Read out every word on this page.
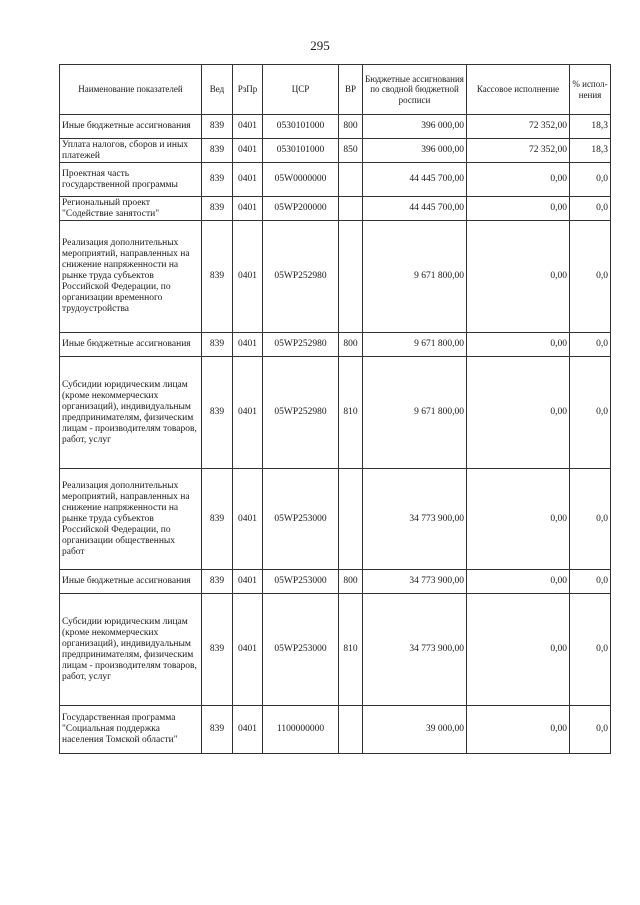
295
Наименование показателей	Вед	РзПр	ЦСР	ВР	Бюджетные ассигнования по сводной бюджетной росписи	Кассовое исполнение	% испол-нения
Иные бюджетные ассигнования	839	0401	0530101000	800	396 000,00	72 352,00	18,3
Уплата налогов, сборов и иных платежей	839	0401	0530101000	850	396 000,00	72 352,00	18,3
Проектная часть государственной программы	839	0401	05W0000000		44 445 700,00	0,00	0,0
Региональный проект "Содействие занятости"	839	0401	05WP200000		44 445 700,00	0,00	0,0
Реализация дополнительных мероприятий, направленных на снижение напряженности на рынке труда субъектов Российской Федерации, по организации временного трудоустройства	839	0401	05WP252980		9 671 800,00	0,00	0,0
Иные бюджетные ассигнования	839	0401	05WP252980	800	9 671 800,00	0,00	0,0
Субсидии юридическим лицам (кроме некоммерческих организаций), индивидуальным предпринимателям, физическим лицам - производителям товаров, работ, услуг	839	0401	05WP252980	810	9 671 800,00	0,00	0,0
Реализация дополнительных мероприятий, направленных на снижение напряженности на рынке труда субъектов Российской Федерации, по организации общественных работ	839	0401	05WP253000		34 773 900,00	0,00	0,0
Иные бюджетные ассигнования	839	0401	05WP253000	800	34 773 900,00	0,00	0,0
Субсидии юридическим лицам (кроме некоммерческих организаций), индивидуальным предпринимателям, физическим лицам - производителям товаров, работ, услуг	839	0401	05WP253000	810	34 773 900,00	0,00	0,0
Государственная программа "Социальная поддержка населения Томской области"	839	0401	1100000000		39 000,00	0,00	0,0
